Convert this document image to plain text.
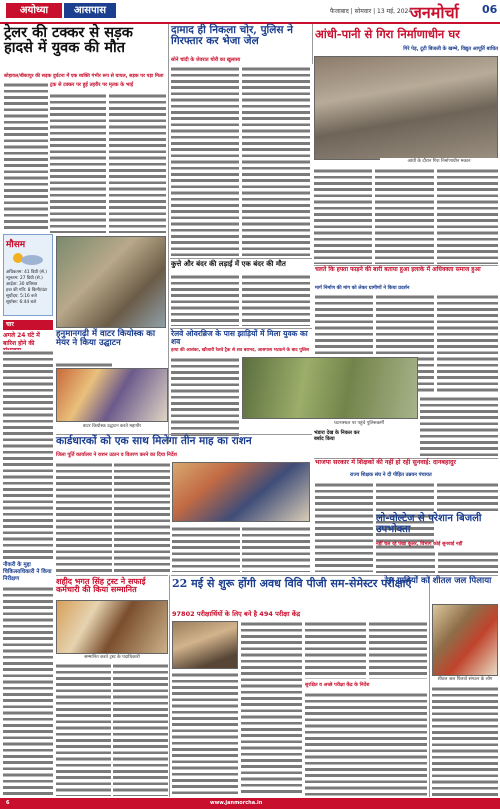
अयोध्या	आसपास	फैजाबाद | सोमवार | 13 मई, 2024
जनमोर्चा 06
ट्रेलर की टक्कर से सड़क हादसे में युवक की मौत
सोहावल/बीकापुर की सड़क दुर्घटना में एक व्यक्ति गंभीर रूप से घायल, सड़क पर पड़ा मिला
दामाद ही निकला चोर, पुलिस ने गिरफ्तार कर भेजा जेल
सोने चांदी के जेवरात चोरी का खुलासा
आंधी-पानी से गिरा निर्माणाधीन घर
गिरे पेड़, टूटी बिजली के खम्भे, विद्युत आपूर्ति बाधित
ट्रक से टक्कर पर हुई तहरीर पर मृतक के भाई
मौसम
अधिकतम: 41 डिग्री (से.)
न्यूनतम: 27 डिग्री (से.)
आर्द्रता: 30 प्रतिशत
हवा की गति: 8 किमी/घंटा
सूर्योदय: 5:16 बजे
सूर्यास्त: 6:44 बजे
चार
अगले 24 घंटे में बारिश होने की
हनुमानगढ़ी में वाटर कियोस्क का मेयर ने किया उद्घाटन
आंधी के दौरान गिरा निर्माणाधीन मकान
कुत्ते और बंदर की लड़ाई में एक बंदर की मौत
चलते कि हफ्ता फाड़ने की बारी बताया हुआ इलाके में अधिवक्ता समाज हुआ
मार्ग निर्माण की मांग को लेकर ग्रामीणों ने किया प्रदर्शन
रेलवे ओवरब्रिज के पास झाड़ियों में मिला युवक का शव
हत्या की आशंका, खौजारी रेलवे ट्रैक से शव बरामद, आसपास भटकने के बाद पुलिस
वाटर कियोस्क उद्घाटन करते महापौर
घटनास्थल पर पहुंचे पुलिसकर्मी
कार्डधारकों को एक साथ मिलेगा तीन माह का राशन
जिला पूर्ति कार्यालय ने राशन उठान व वितरण करने का दिया निर्देश
भंडारा देख के निकल कर बर्बाद किया
भाजपा सरकार में शिक्षकों की नहीं हो रही सुनवाई: दानबहादुर
राज्य शिक्षक संघ ने दी पीड़ित उन्नयन पंचायत
लो-वोल्टेज से परेशान बिजली उपभोक्ता
नहीं चल रहे पंखा कूलर, विभाग कोई सुनवाई नहीं
नौकरी के मुद्दा चिकित्साधिकारी ने किया निरीक्षण	शहीद भगत सिंह ट्रस्ट ने सफाई कर्मचारी की किया सम्मानित
सम्मानित करते ट्रस्ट के पदाधिकारी
22 मई से शुरू होंगी अवध विवि पीजी सम-सेमेस्टर परीक्षाएं
97802 परीक्षार्थियों के लिए बने है 494 परीक्षा केंद्र
सुरक्षित व अच्छे परीक्षा केंद्र के निर्देश
रेल यात्रियों को शीतल जल पिलाया
शीतल जल पिलाते संगठन के लोग
6	www.janmorcha.in
